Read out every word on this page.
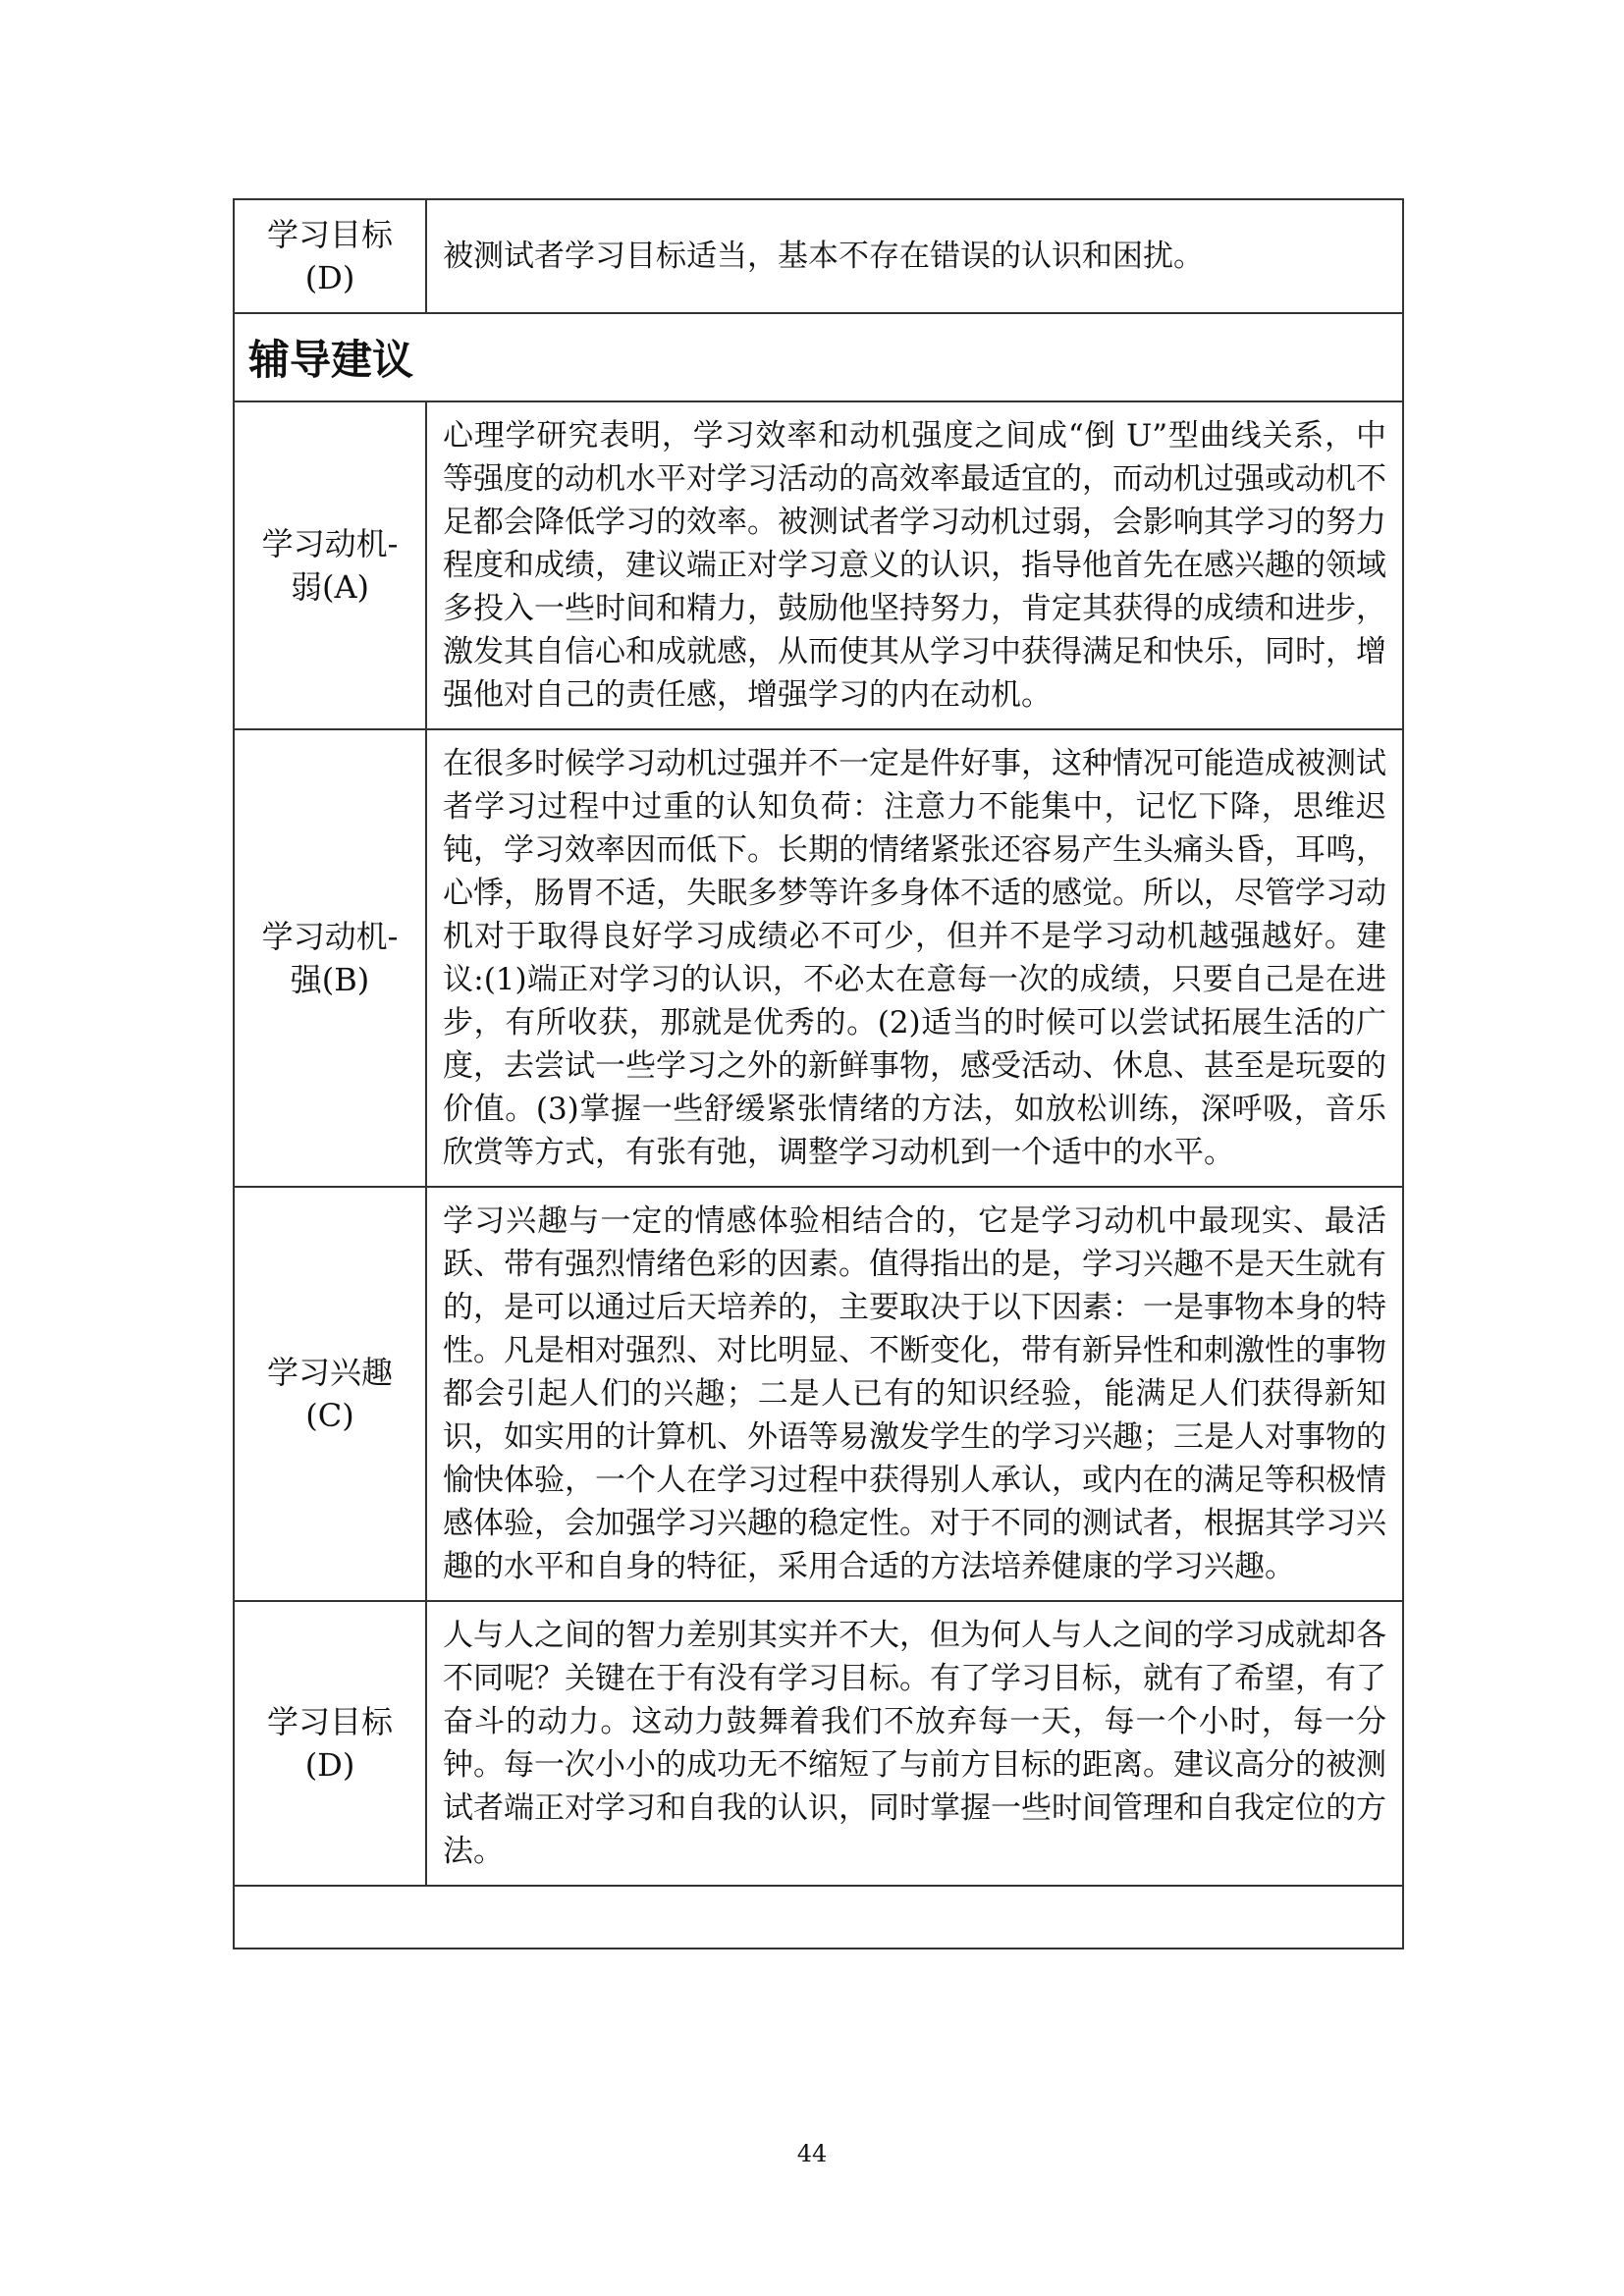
学习目标
(D)	被测试者学习目标适当，基本不存在错误的认识和困扰。
辅导建议	

学习动机-
弱(A)	心理学研究表明，学习效率和动机强度之间成“倒 U”型曲线关系，中等强度的动机水平对学习活动的高效率最适宜的，而动机过强或动机不足都会降低学习的效率。被测试者学习动机过弱，会影响其学习的努力程度和成绩，建议端正对学习意义的认识，指导他首先在感兴趣的领域多投入一些时间和精力，鼓励他坚持努力，肯定其获得的成绩和进步，激发其自信心和成就感，从而使其从学习中获得满足和快乐，同时，增强他对自己的责任感，增强学习的内在动机。

学习动机-
强(B)	在很多时候学习动机过强并不一定是件好事，这种情况可能造成被测试者学习过程中过重的认知负荷：注意力不能集中，记忆下降，思维迟钝，学习效率因而低下。长期的情绪紧张还容易产生头痛头昏，耳鸣，心悸，肠胃不适，失眠多梦等许多身体不适的感觉。所以，尽管学习动机对于取得良好学习成绩必不可少，但并不是学习动机越强越好。建议:(1)端正对学习的认识，不必太在意每一次的成绩，只要自己是在进步，有所收获，那就是优秀的。(2)适当的时候可以尝试拓展生活的广度，去尝试一些学习之外的新鲜事物，感受活动、休息、甚至是玩耍的价值。(3)掌握一些舒缓紧张情绪的方法，如放松训练，深呼吸，音乐欣赏等方式，有张有弛，调整学习动机到一个适中的水平。

学习兴趣
(C)	学习兴趣与一定的情感体验相结合的，它是学习动机中最现实、最活跃、带有强烈情绪色彩的因素。值得指出的是，学习兴趣不是天生就有的，是可以通过后天培养的，主要取决于以下因素：一是事物本身的特性。凡是相对强烈、对比明显、不断变化，带有新异性和刺激性的事物都会引起人们的兴趣；二是人已有的知识经验，能满足人们获得新知识，如实用的计算机、外语等易激发学生的学习兴趣；三是人对事物的愉快体验，一个人在学习过程中获得别人承认，或内在的满足等积极情感体验，会加强学习兴趣的稳定性。对于不同的测试者，根据其学习兴趣的水平和自身的特征，采用合适的方法培养健康的学习兴趣。

学习目标
(D)	人与人之间的智力差别其实并不大，但为何人与人之间的学习成就却各不同呢？关键在于有没有学习目标。有了学习目标，就有了希望，有了奋斗的动力。这动力鼓舞着我们不放弃每一天，每一个小时，每一分钟。每一次小小的成功无不缩短了与前方目标的距离。建议高分的被测试者端正对学习和自我的认识，同时掌握一些时间管理和自我定位的方法。

44
